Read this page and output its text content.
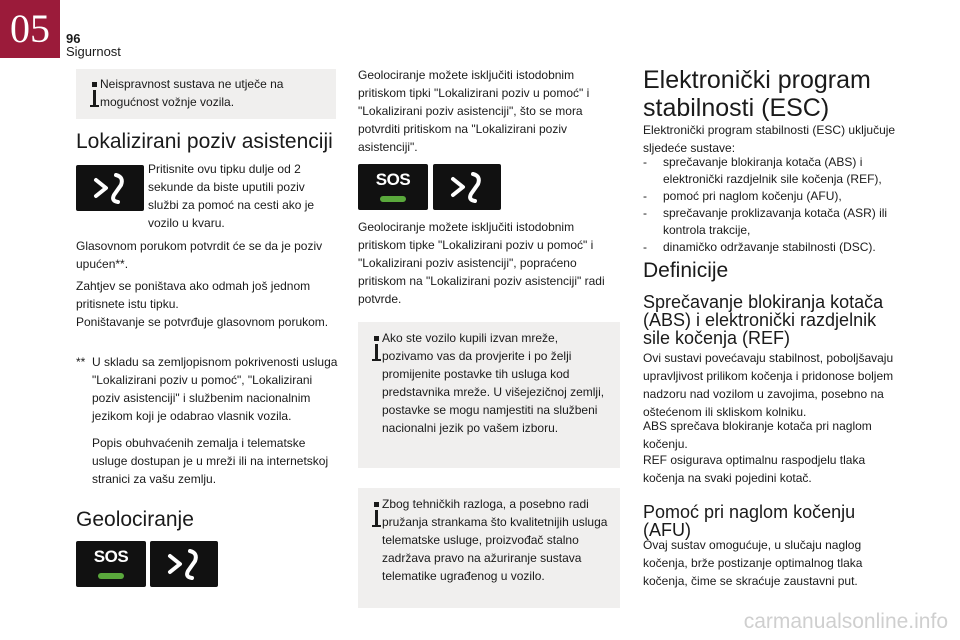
05	96
Sigurnost
Neispravnost sustava ne utječe na mogućnost vožnje vozila.
Lokalizirani poziv asistenciji
Pritisnite ovu tipku dulje od 2 sekunde da biste uputili poziv službi za pomoć na cesti ako je vozilo u kvaru.
Glasovnom porukom potvrdit će se da je poziv upućen**.
Zahtjev se poništava ako odmah još jednom pritisnete istu tipku.
Poništavanje se potvrđuje glasovnom porukom.
** U skladu sa zemljopisnom pokrivenosti usluga "Lokalizirani poziv u pomoć", "Lokalizirani poziv asistenciji" i službenim nacionalnim jezikom koji je odabrao vlasnik vozila.
Popis obuhvaćenih zemalja i telematske usluge dostupan je u mreži ili na internetskoj stranici za vašu zemlju.
Geolociranje
SOS
Geolociranje možete isključiti istodobnim pritiskom tipki "Lokalizirani poziv u pomoć" i "Lokalizirani poziv asistenciji", što se mora potvrditi pritiskom na "Lokalizirani poziv asistenciji".
SOS
Geolociranje možete isključiti istodobnim pritiskom tipke "Lokalizirani poziv u pomoć" i "Lokalizirani poziv asistenciji", popraćeno pritiskom na "Lokalizirani poziv asistenciji" radi potvrde.
Ako ste vozilo kupili izvan mreže, pozivamo vas da provjerite i po želji promijenite postavke tih usluga kod predstavnika mreže. U višejezičnoj zemlji, postavke se mogu namjestiti na službeni nacionalni jezik po vašem izboru.
Zbog tehničkih razloga, a posebno radi pružanja strankama što kvalitetnijih usluga telematske usluge, proizvođač stalno zadržava pravo na ažuriranje sustava telematike ugrađenog u vozilo.
Elektronički program stabilnosti (ESC)
Elektronički program stabilnosti (ESC) uključuje sljedeće sustave:
- sprečavanje blokiranja kotača (ABS) i elektronički razdjelnik sile kočenja (REF),
- pomoć pri naglom kočenju (AFU),
- sprečavanje proklizavanja kotača (ASR) ili kontrola trakcije,
- dinamičko održavanje stabilnosti (DSC).
Definicije
Sprečavanje blokiranja kotača (ABS) i elektronički razdjelnik sile kočenja (REF)
Ovi sustavi povećavaju stabilnost, poboljšavaju upravljivost prilikom kočenja i pridonose boljem nadzoru nad vozilom u zavojima, posebno na oštećenom ili skliskom kolniku.
ABS sprečava blokiranje kotača pri naglom kočenju.
REF osigurava optimalnu raspodjelu tlaka kočenja na svaki pojedini kotač.
Pomoć pri naglom kočenju (AFU)
Ovaj sustav omogućuje, u slučaju naglog kočenja, brže postizanje optimalnog tlaka kočenja, čime se skraćuje zaustavni put.
carmanualsonline.info
